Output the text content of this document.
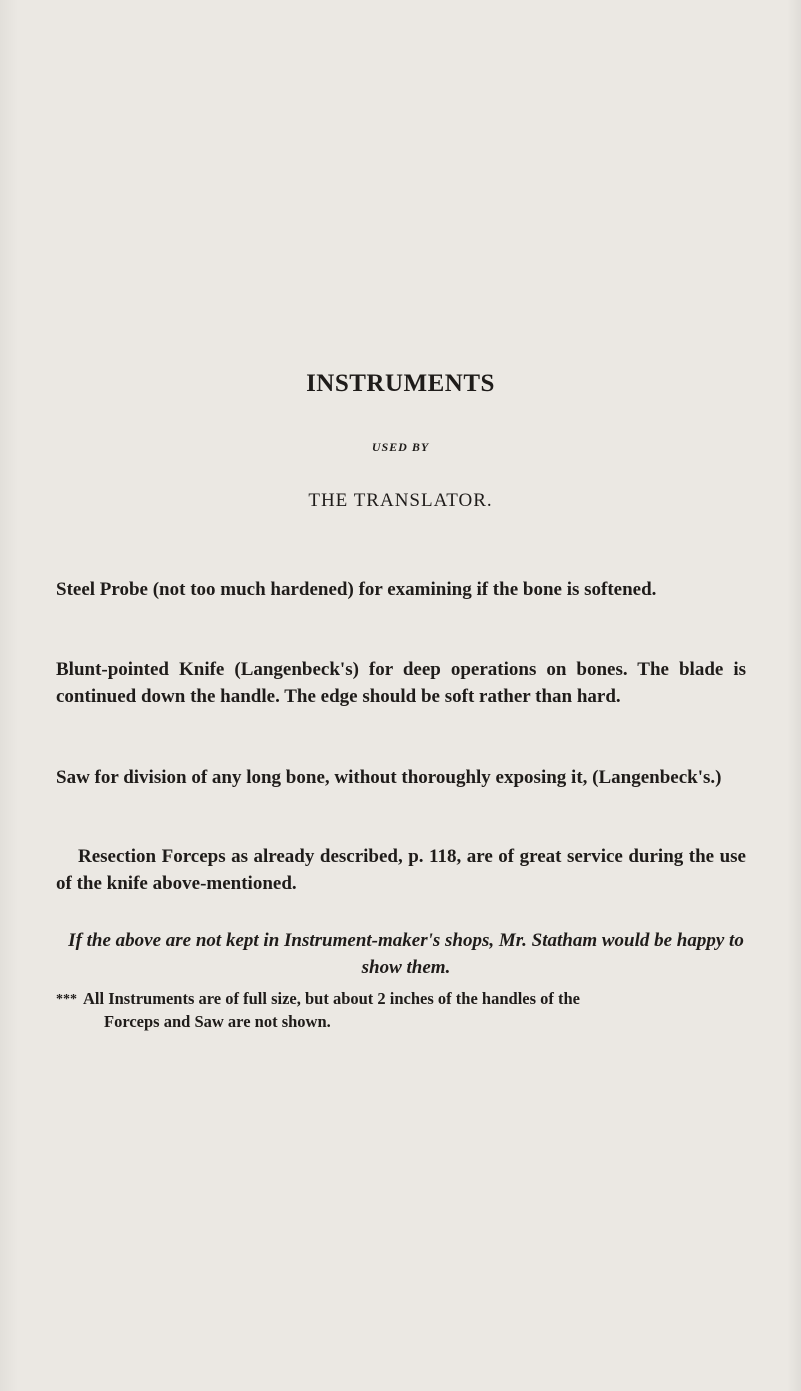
INSTRUMENTS
USED BY
THE TRANSLATOR.

Steel Probe (not too much hardened) for examining if the bone is softened.

Blunt-pointed Knife (Langenbeck's) for deep operations on bones. The blade is continued down the handle. The edge should be soft rather than hard.

Saw for division of any long bone, without thoroughly exposing it, (Langenbeck's.)

Resection Forceps as already described, p. 118, are of great service during the use of the knife above-mentioned.

If the above are not kept in Instrument-maker's shops, Mr. Statham would be happy to show them.

***All Instruments are of full size, but about 2 inches of the handles of the
Forceps and Saw are not shown.
